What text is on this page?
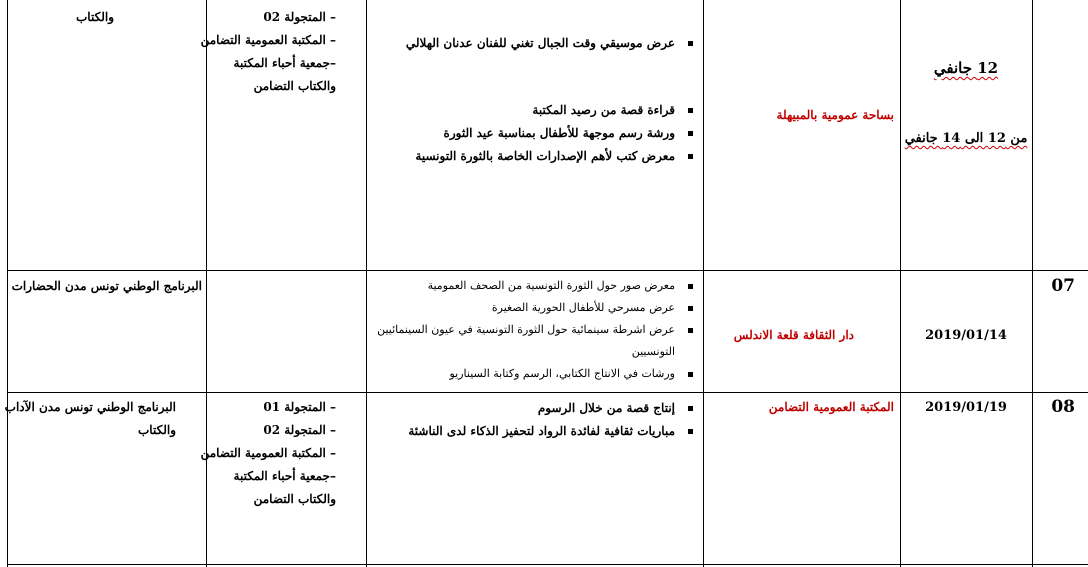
12 جانفي
من 12 الى 14 جانفي
بساحة عمومية بالمبيهلة
عرض موسيقي وقت الجبال تغني للفنان عدنان الهلالي
قراءة قصة من رصيد المكتبة
ورشة رسم موجهة للأطفال بمناسبة عيد الثورة
معرض كتب لأهم الإصدارات الخاصة بالثورة التونسية
– المتجولة 02
– المكتبة العمومية التضامن
–جمعية أحباء المكتبة
والكتاب التضامن
والكتاب
07
2019/01/14
دار الثقافة قلعة الاندلس
معرض صور حول الثورة التونسية من الصحف العمومية
عرض مسرحي للأطفال الحورية الصغيرة
عرض اشرطة سينمائية حول الثورة التونسية في عيون السينمائيين
التونسيين
ورشات في الانتاج الكتابي، الرسم وكتابة السيناريو
البرنامج الوطني تونس مدن الحضارات
08
2019/01/19
المكتبة العمومية التضامن
إنتاج قصة من خلال الرسوم
مباريات ثقافية لفائدة الرواد لتحفيز الذكاء لدى الناشئة
– المتجولة 01
– المتجولة 02
– المكتبة العمومية التضامن
–جمعية أحباء المكتبة
والكتاب التضامن
البرنامج الوطني تونس مدن الآداب
والكتاب
